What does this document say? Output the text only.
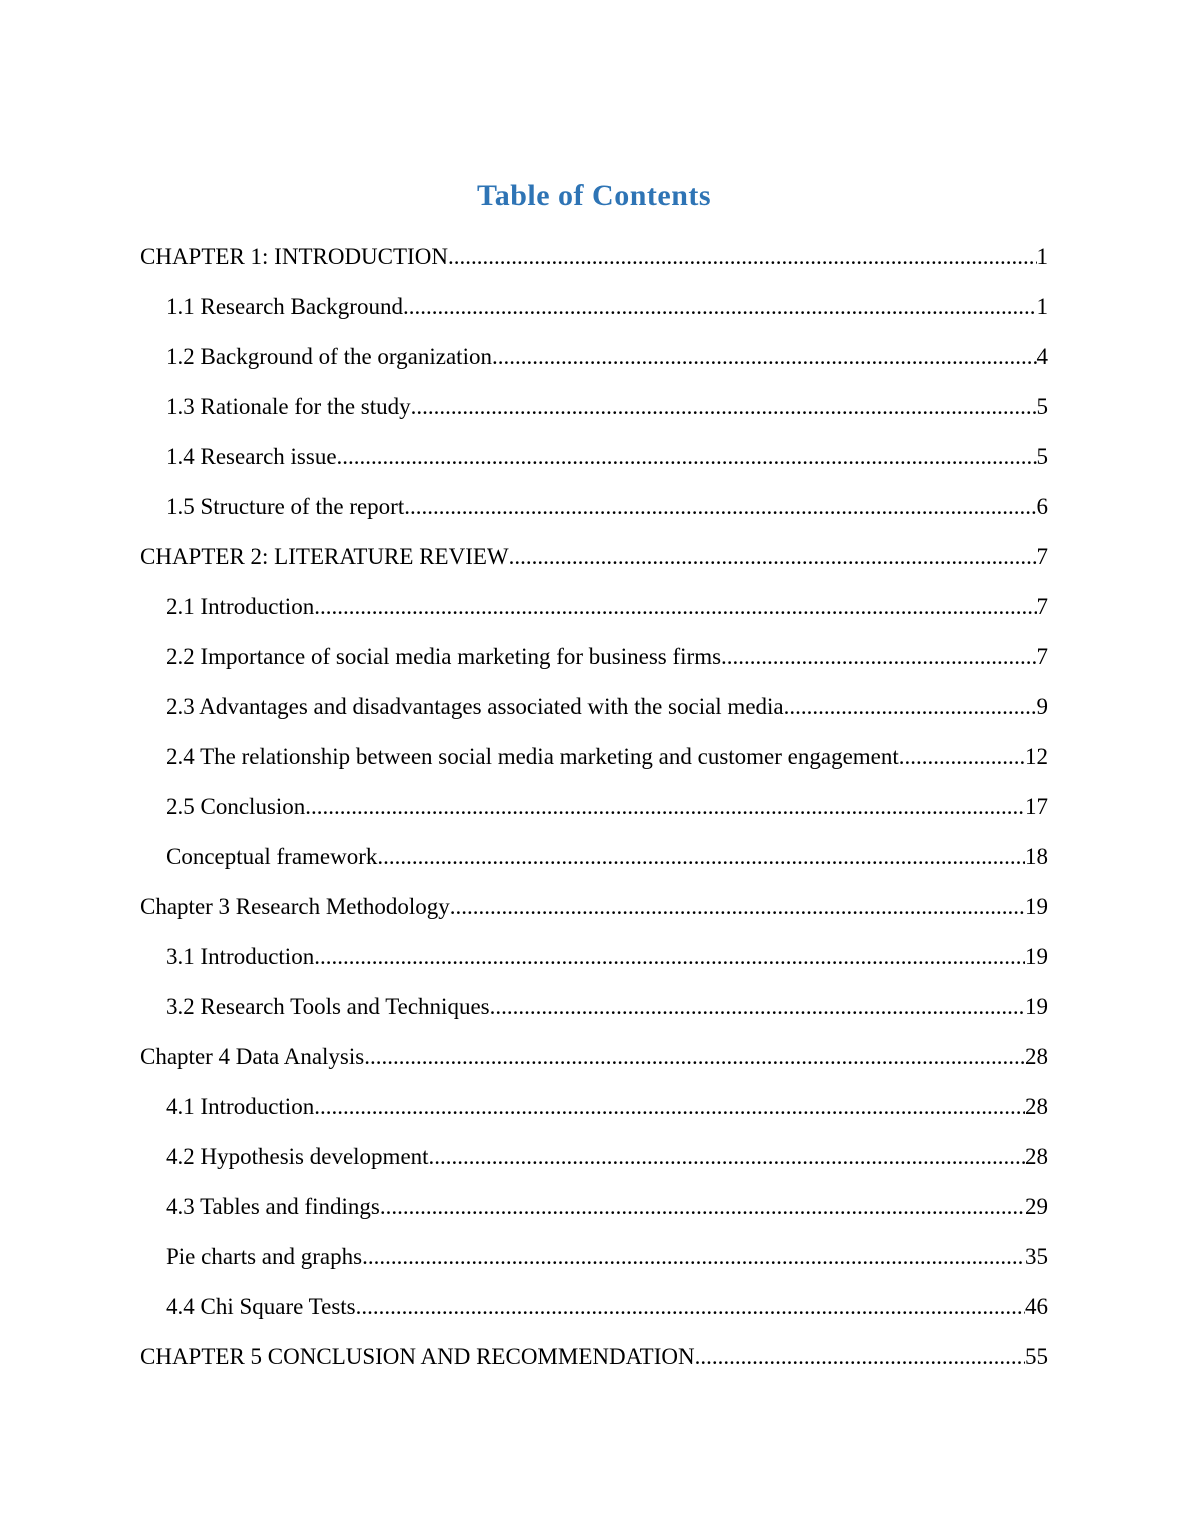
Table of Contents
CHAPTER 1: INTRODUCTION .....	1
1.1 Research Background .....	1
1.2 Background of the organization .....	4
1.3 Rationale for the study .....	5
1.4 Research issue .....	5
1.5 Structure of the report .....	6
CHAPTER 2: LITERATURE REVIEW .....	7
2.1 Introduction .....	7
2.2 Importance of social media marketing for business firms .....	7
2.3 Advantages and disadvantages associated with the social media .....	9
2.4 The relationship between social media marketing and customer engagement .....	12
2.5 Conclusion .....	17
Conceptual framework .....	18
Chapter 3 Research Methodology .....	19
3.1 Introduction .....	19
3.2 Research Tools and Techniques .....	19
Chapter 4 Data Analysis .....	28
4.1 Introduction .....	28
4.2 Hypothesis development .....	28
4.3 Tables and findings .....	29
Pie charts and graphs .....	35
4.4 Chi Square Tests .....	46
CHAPTER 5 CONCLUSION AND RECOMMENDATION .....	55
